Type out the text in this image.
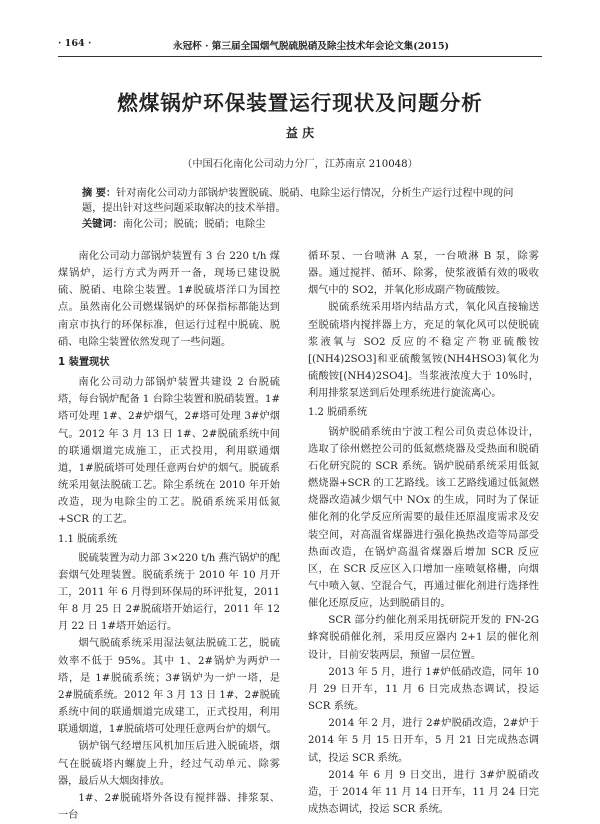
· 164 ·	永冠杯 · 第三届全国烟气脱硫脱硝及除尘技术年会论文集(2015)
燃煤锅炉环保装置运行现状及问题分析
益 庆
（中国石化南化公司动力分厂，江苏南京 210048）
摘 要：针对南化公司动力部锅炉装置脱硫、脱硝、电除尘运行情况，分析生产运行过程中现的问题，提出针对这些问题采取解决的技术举措。
关键词：南化公司；脱硫；脱硝；电除尘

南化公司动力部锅炉装置有 3 台 220 t/h 煤煤锅炉，运行方式为两开一备，现场已建设脱硫、脱硝、电除尘装置。1#脱硫塔洋口为国控点。虽然南化公司燃煤锅炉的环保指标都能达到南京市执行的环保标准，但运行过程中脱硫、脱硝、电除尘装置依然发现了一些问题。

1 装置现状

南化公司动力部锅炉装置共建设 2 台脱硫塔，每台锅炉配备 1 台除尘装置和脱硝装置。1#塔可处理 1#、2#炉烟气，2#塔可处理 3#炉烟气。2012 年 3 月 13 日 1#、2#脱硫系统中间的联通烟道完成施工，正式投用，利用联通烟道，1#脱硫塔可处理任意两台炉的烟气。脱硫系统采用氨法脱硫工艺。除尘系统在 2010 年开始改造，现为电除尘的工艺。脱硝系统采用低氮+SCR 的工艺。

1.1 脱硫系统

脱硫装置为动力部 3×220 t/h 燕汽锅炉的配套烟气处理装置。脱硫系统于 2010 年 10 月开工，2011 年 6 月得到环保局的环评批复，2011 年 8 月 25 日 2#脱硫塔开始运行，2011 年 12 月 22 日 1#塔开始运行。

烟气脱硫系统采用湿法氨法脱硫工艺，脱硫效率不低于 95%。其中 1、2#锅炉为两炉一塔，是 1#脱硫系统；3#锅炉为一炉一塔，是 2#脱硫系统。2012 年 3 月 13 日 1#、2#脱硫系统中间的联通烟道完成建工，正式投用，利用联通烟道，1#脱硫塔可处理任意两台炉的烟气。

锅炉锅气经增压风机加压后进入脱硫塔，烟气在脱硫塔内螺旋上升，经过气动单元、除雾器，最后从大烟囱排放。

1#、2#脱硫塔外各设有搅拌器、排浆泵、一台

循环泵、一台喷淋 A 泵，一台喷淋 B 泵，除雾器。通过搅拌、循环、除雾，使浆液循有效的吸收烟气中的 SO2，并氧化形成副产物硫酸铵。

脱硫系统采用塔内结晶方式，氧化风直接输送至脱硫塔内搅拌器上方，充足的氧化风可以使脱硫浆液氧与 SO2 反应的不稳定产物亚硫酸铵[(NH4)2SO3]和亚硫酸氢铵(NH4HSO3)氧化为硫酸铵[(NH4)2SO4]。当浆液浓度大于 10%时，利用排浆泵送到后处理系统进行旋流离心。

1.2 脱硝系统

锅炉脱硝系统由宁波工程公司负责总体设计，选取了徐州燃控公司的低氮燃烧器及受热面和脱硝石化研究院的 SCR 系统。锅炉脱硝系统采用低氮燃烧器+SCR 的工艺路线。该工艺路线通过低氮燃烧器改造减少烟气中 NOx 的生成，同时为了保证催化剂的化学反应所需要的最佳还原温度需求及安装空间，对高温省煤器进行强化换热改造等局部受热面改造，在锅炉高温省煤器后增加 SCR 反应区，在 SCR 反应区入口增加一座喷氨格栅，向烟气中喷入氨、空混合气，再通过催化剂进行选择性催化还原反应，达到脱硝目的。

SCR 部分约催化剂采用抚研院开发的 FN-2G 蜂窝脱硝催化剂，采用反应器内 2+1 层的催化剂设计，目前安装两层，预留一层位置。

2013 年 5 月，进行 1#炉低硝改造，同年 10 月 29 日开车，11 月 6 日完成热态调试，投运 SCR 系统。

2014 年 2 月，进行 2#炉脱硝改造，2#炉于 2014 年 5 月 15 日开车，5 月 21 日完成热态调试，投运 SCR 系统。

2014 年 6 月 9 日交出，进行 3#炉脱硝改造，于 2014 年 11 月 14 日开车，11 月 24 日完成热态调试，投运 SCR 系统。
